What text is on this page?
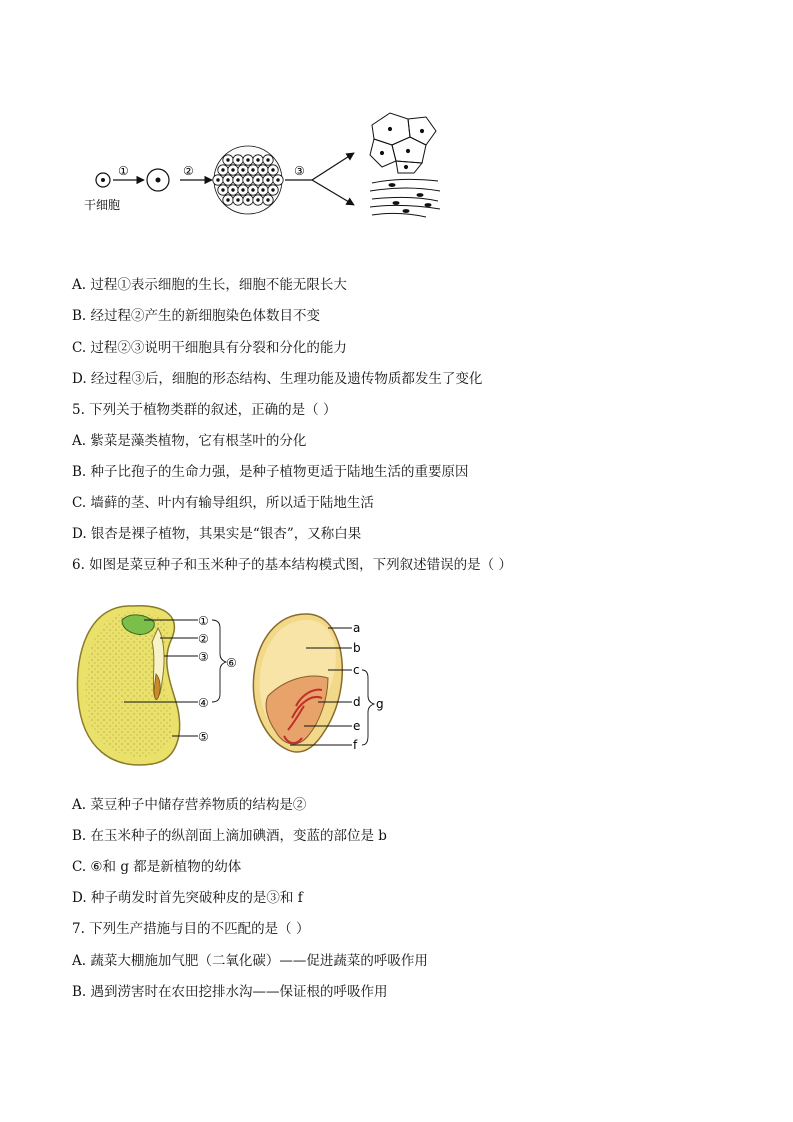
干细胞
①	②	③
A. 过程①表示细胞的生长，细胞不能无限长大
B. 经过程②产生的新细胞染色体数目不变
C. 过程②③说明干细胞具有分裂和分化的能力
D. 经过程③后，细胞的形态结构、生理功能及遗传物质都发生了变化
5. 下列关于植物类群的叙述，正确的是（ ）
A. 紫菜是藻类植物，它有根茎叶的分化
B. 种子比孢子的生命力强，是种子植物更适于陆地生活的重要原因
C. 墙藓的茎、叶内有输导组织，所以适于陆地生活
D. 银杏是裸子植物，其果实是“银杏”，又称白果
6. 如图是菜豆种子和玉米种子的基本结构模式图，下列叙述错误的是（ ）
①
②
③
④
⑤
⑥
a
b
c
d
e
f
g
A. 菜豆种子中储存营养物质的结构是②
B. 在玉米种子的纵剖面上滴加碘酒，变蓝的部位是 b
C. ⑥和 g 都是新植物的幼体
D. 种子萌发时首先突破种皮的是③和 f
7. 下列生产措施与目的不匹配的是（ ）
A. 蔬菜大棚施加气肥（二氧化碳）——促进蔬菜的呼吸作用
B. 遇到涝害时在农田挖排水沟——保证根的呼吸作用
